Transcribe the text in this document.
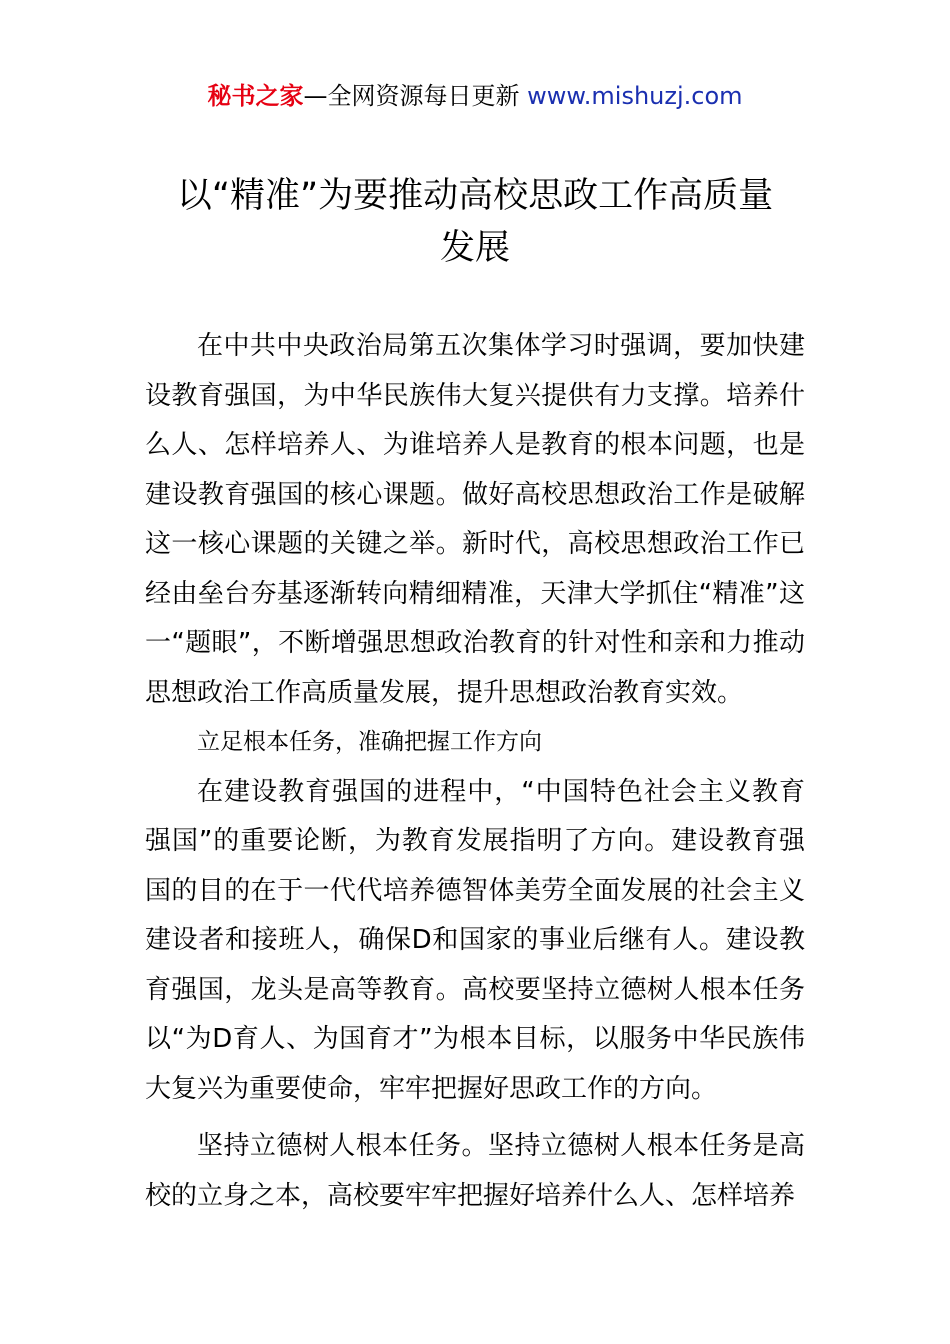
秘书之家—全网资源每日更新 www.mishuzj.com
以“精准”为要推动高校思政工作高质量
发展

在中共中央政治局第五次集体学习时强调，要加快建设教育强国，为中华民族伟大复兴提供有力支撑。培养什么人、怎样培养人、为谁培养人是教育的根本问题，也是建设教育强国的核心课题。做好高校思想政治工作是破解这一核心课题的关键之举。新时代，高校思想政治工作已经由垒台夯基逐渐转向精细精准，天津大学抓住“精准”这一“题眼”，不断增强思想政治教育的针对性和亲和力推动思想政治工作高质量发展，提升思想政治教育实效。

立足根本任务，准确把握工作方向

在建设教育强国的进程中，“中国特色社会主义教育强国”的重要论断，为教育发展指明了方向。建设教育强国的目的在于一代代培养德智体美劳全面发展的社会主义建设者和接班人，确保D和国家的事业后继有人。建设教育强国，龙头是高等教育。高校要坚持立德树人根本任务以“为D育人、为国育才”为根本目标，以服务中华民族伟大复兴为重要使命，牢牢把握好思政工作的方向。

坚持立德树人根本任务。坚持立德树人根本任务是高校的立身之本，高校要牢牢把握好培养什么人、怎样培养
